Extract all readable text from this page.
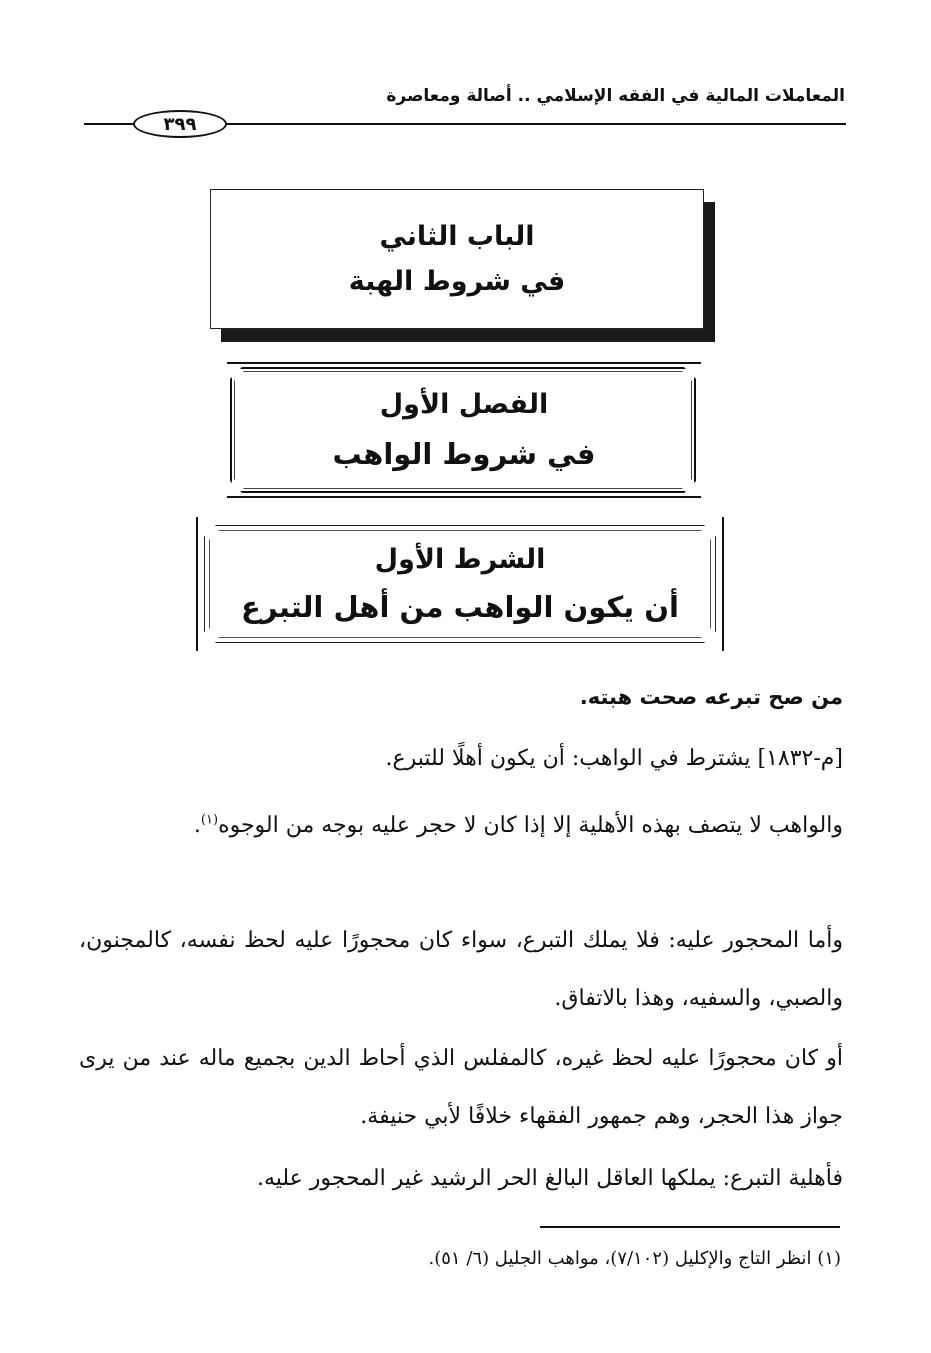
المعاملات المالية في الفقه الإسلامي .. أصالة ومعاصرة
٣٩٩
الباب الثاني
في شروط الهبة
الفصل الأول
في شروط الواهب
الشرط الأول
أن يكون الواهب من أهل التبرع
من صح تبرعه صحت هبته.
[م-١٨٣٢] يشترط في الواهب: أن يكون أهلًا للتبرع.
والواهب لا يتصف بهذه الأهلية إلا إذا كان لا حجر عليه بوجه من الوجوه$^{(١)}$.
وأما المحجور عليه: فلا يملك التبرع، سواء كان محجورًا عليه لحظ نفسه، كالمجنون، والصبي، والسفيه، وهذا بالاتفاق.
أو كان محجورًا عليه لحظ غيره، كالمفلس الذي أحاط الدين بجميع ماله عند من يرى جواز هذا الحجر، وهم جمهور الفقهاء خلافًا لأبي حنيفة.
فأهلية التبرع: يملكها العاقل البالغ الحر الرشيد غير المحجور عليه.
(١) انظر التاج والإكليل (٧/١٠٢)، مواهب الجليل (٦/ ٥١).
